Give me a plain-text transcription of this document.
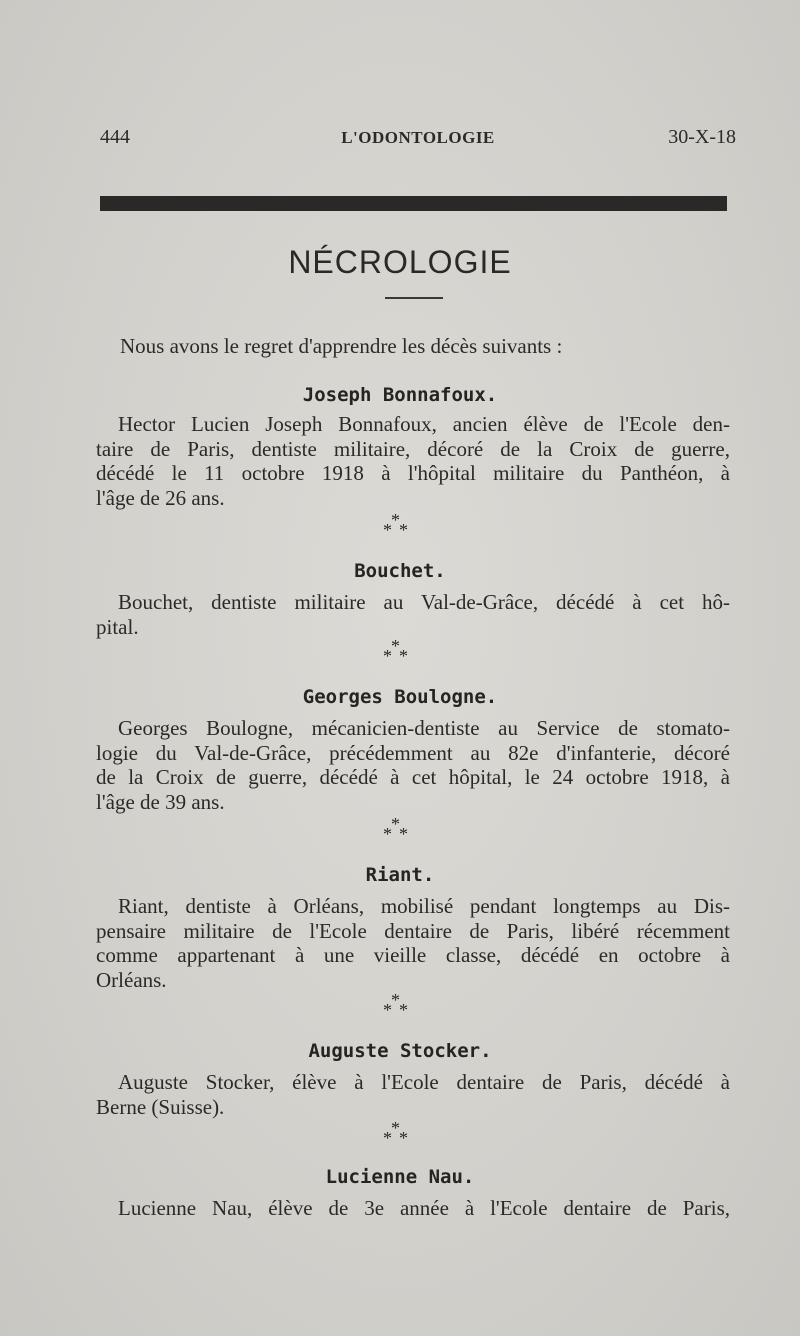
444	L'ODONTOLOGIE	30-X-18
NÉCROLOGIE
Nous avons le regret d'apprendre les décès suivants :
Joseph Bonnafoux.
Hector Lucien Joseph Bonnafoux, ancien élève de l'Ecole den-
taire de Paris, dentiste militaire, décoré de la Croix de guerre,
décédé le 11 octobre 1918 à l'hôpital militaire du Panthéon, à
l'âge de 26 ans.
*
* *
Bouchet.
Bouchet, dentiste militaire au Val-de-Grâce, décédé à cet hô-
pital.
*
* *
Georges Boulogne.
Georges Boulogne, mécanicien-dentiste au Service de stomato-
logie du Val-de-Grâce, précédemment au 82e d'infanterie, décoré
de la Croix de guerre, décédé à cet hôpital, le 24 octobre 1918, à
l'âge de 39 ans.
*
* *
Riant.
Riant, dentiste à Orléans, mobilisé pendant longtemps au Dis-
pensaire militaire de l'Ecole dentaire de Paris, libéré récemment
comme appartenant à une vieille classe, décédé en octobre à
Orléans.
*
* *
Auguste Stocker.
Auguste Stocker, élève à l'Ecole dentaire de Paris, décédé à
Berne (Suisse).
*
* *
Lucienne Nau.
Lucienne Nau, élève de 3e année à l'Ecole dentaire de Paris,
